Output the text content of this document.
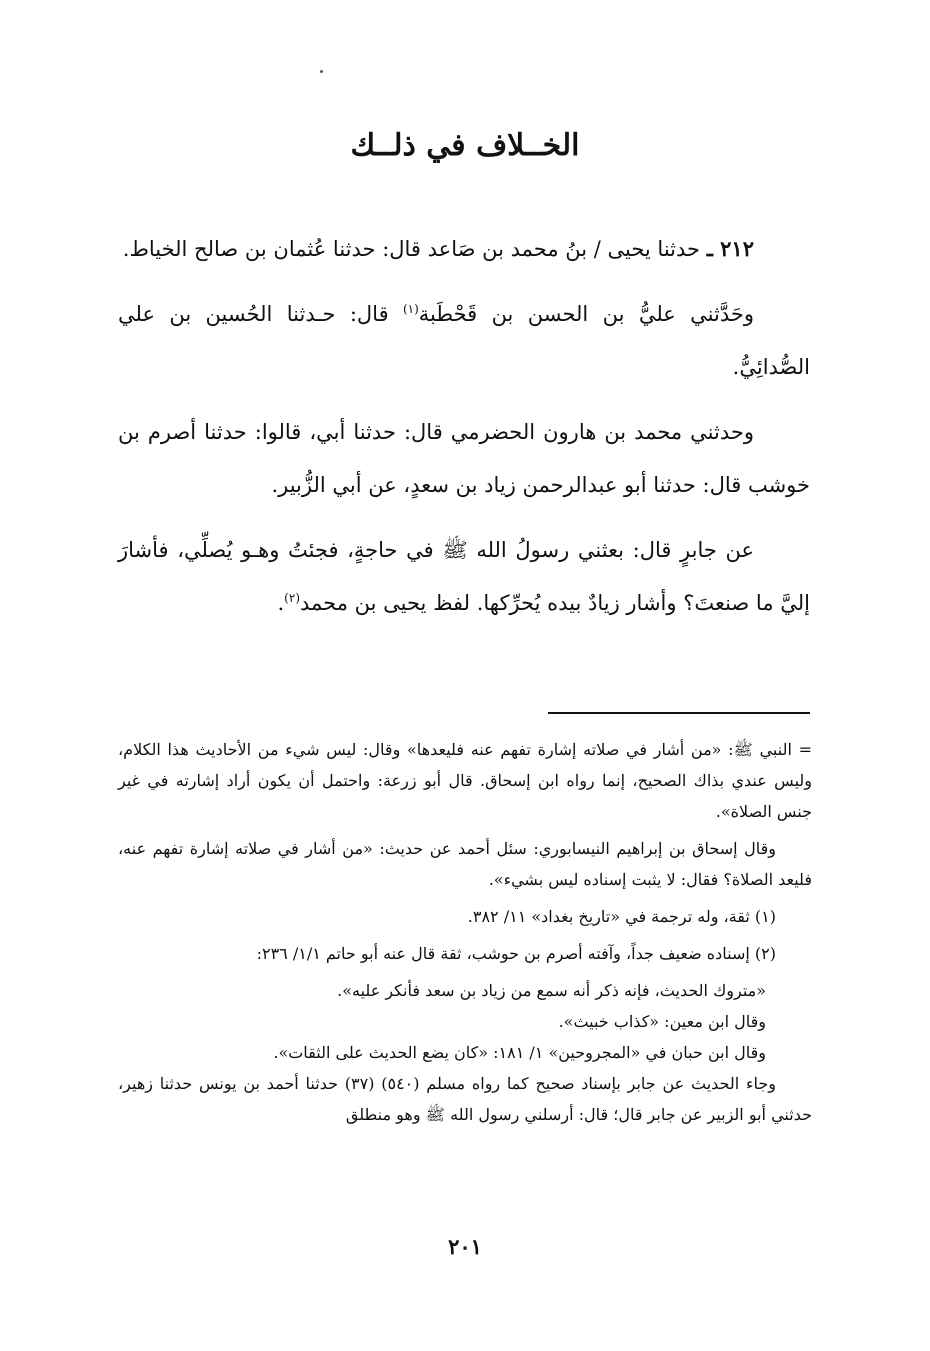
الخــلاف في ذلــك

٢١٢ ـ حدثنا يحيى / بنُ محمد بن صَاعد قال: حدثنا عُثمان بن صالح الخياط.

وحَدَّثني عليُّ بن الحسن بن قَحْطَبة$^{(١)}$ قال: حـدثنا الحُسين بن علي الصُّدائِيُّ.

وحدثني محمد بن هارون الحضرمي قال: حدثنا أبي، قالوا: حدثنا أصرم بن خوشب قال: حدثنا أبو عبدالرحمن زياد بن سعدٍ، عن أبي الزُّبير.

عن جابرٍ قال: بعثني رسولُ الله ﷺ في حاجةٍ، فجئتُ وهـو يُصلِّي، فأشارَ إليَّ ما صنعتَ؟ وأشار زيادٌ بيده يُحرِّكها. لفظ يحيى بن محمد$^{(٢)}$.

= النبي ﷺ: «من أشار في صلاته إشارة تفهم عنه فليعدها» وقال: ليس شيء من الأحاديث هذا الكلام، وليس عندي بذاك الصحيح، إنما رواه ابن إسحاق. قال أبو زرعة: واحتمل أن يكون أراد إشارته في غير جنس الصلاة».

وقال إسحاق بن إبراهيم النيسابوري: سئل أحمد عن حديث: «من أشار في صلاته إشارة تفهم عنه، فليعد الصلاة؟ فقال: لا يثبت إسناده ليس بشيء».

(١) ثقة، وله ترجمة في «تاريخ بغداد» ١١/ ٣٨٢.

(٢) إسناده ضعيف جداً، وآفته أصرم بن حوشب، ثقة قال عنه أبو حاتم ١/١/ ٢٣٦:

«متروك الحديث، فإنه ذكر أنه سمع من زياد بن سعد فأنكر عليه».

وقال ابن معين: «كذاب خبيث».

وقال ابن حبان في «المجروحين» ١/ ١٨١: «كان يضع الحديث على الثقات».

وجاء الحديث عن جابر بإسناد صحيح كما رواه مسلم (٥٤٠) (٣٧) حدثنا أحمد بن يونس حدثنا زهير، حدثني أبو الزبير عن جابر قال؛ قال: أرسلني رسول الله ﷺ وهو منطلق

٢٠١
